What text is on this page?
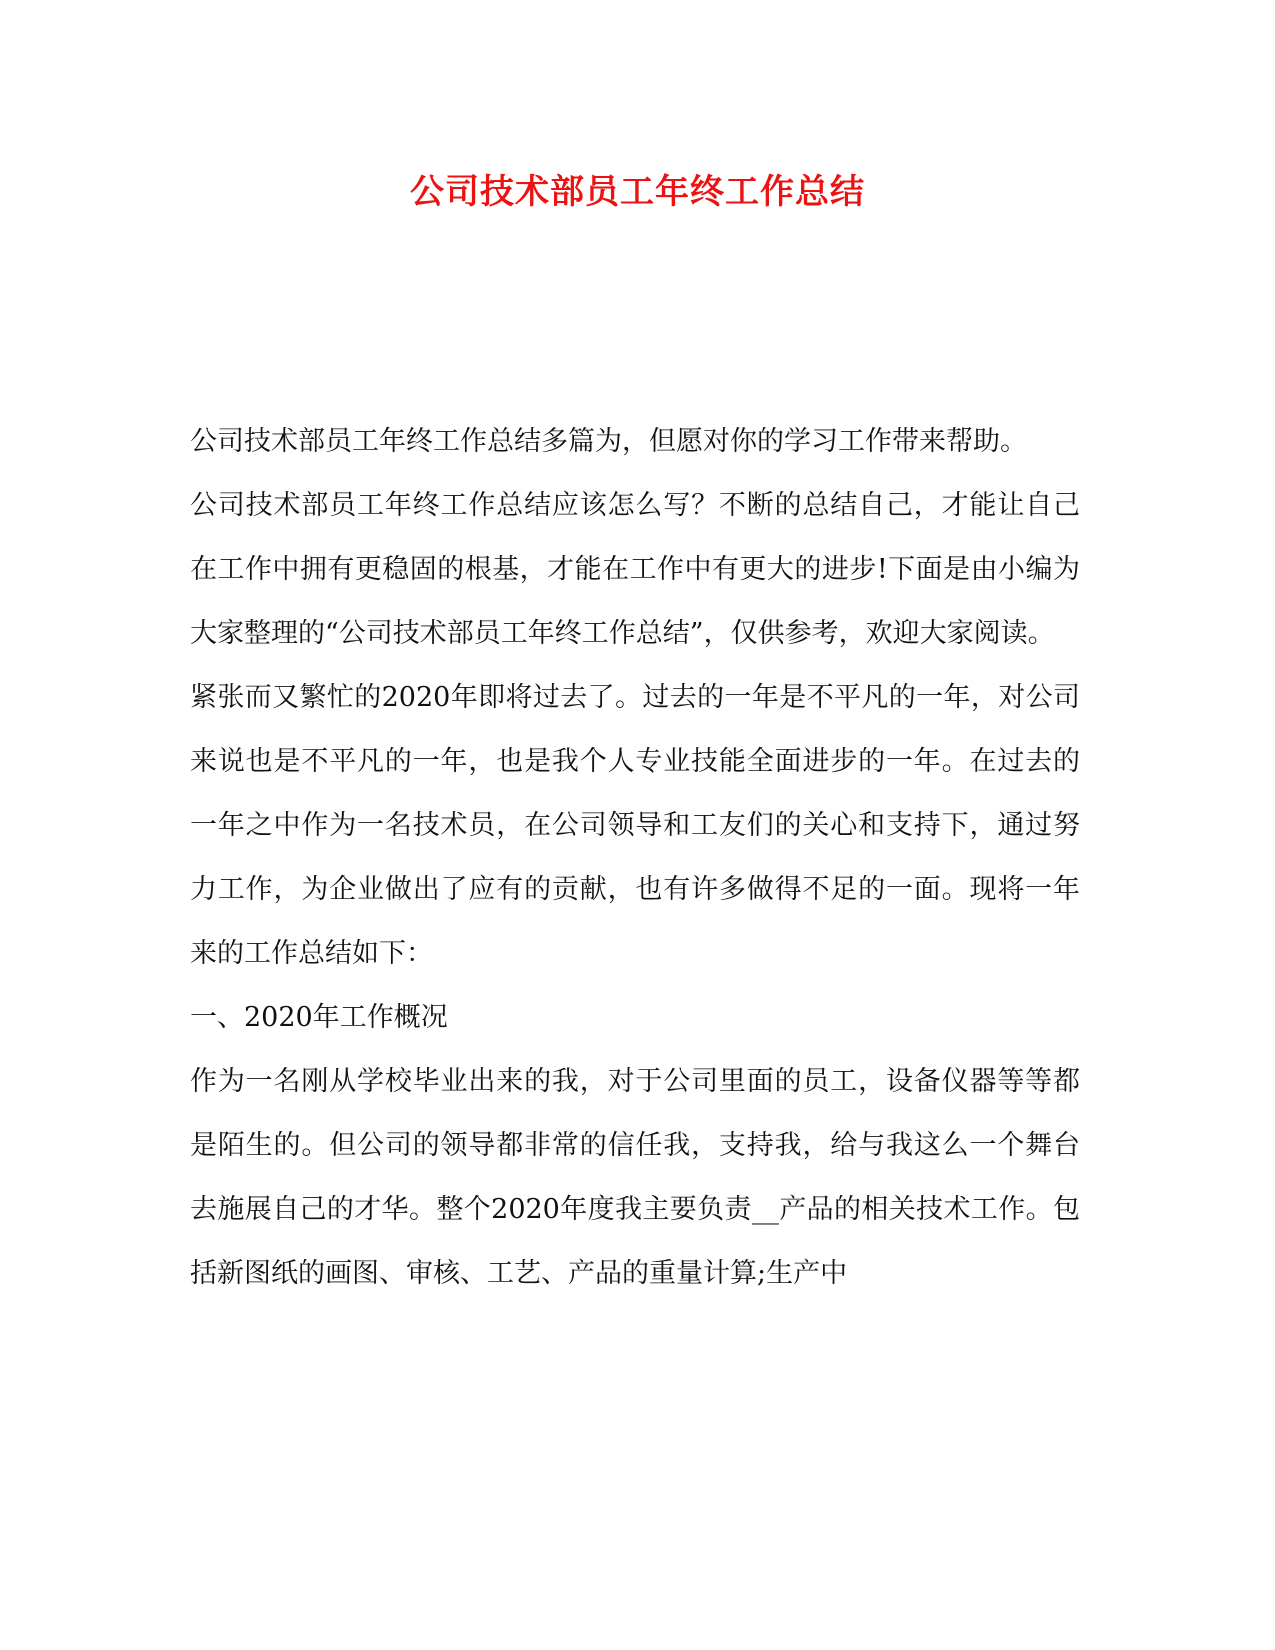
公司技术部员工年终工作总结

公司技术部员工年终工作总结多篇为，但愿对你的学习工作带来帮助。

公司技术部员工年终工作总结应该怎么写？不断的总结自己，才能让自己在工作中拥有更稳固的根基，才能在工作中有更大的进步!下面是由小编为大家整理的“公司技术部员工年终工作总结”，仅供参考，欢迎大家阅读。

紧张而又繁忙的2020年即将过去了。过去的一年是不平凡的一年，对公司来说也是不平凡的一年，也是我个人专业技能全面进步的一年。在过去的一年之中作为一名技术员，在公司领导和工友们的关心和支持下，通过努力工作，为企业做出了应有的贡献，也有许多做得不足的一面。现将一年来的工作总结如下：

一、2020年工作概况

作为一名刚从学校毕业出来的我，对于公司里面的员工，设备仪器等等都是陌生的。但公司的领导都非常的信任我，支持我，给与我这么一个舞台去施展自己的才华。整个2020年度我主要负责__产品的相关技术工作。包括新图纸的画图、审核、工艺、产品的重量计算;生产中
